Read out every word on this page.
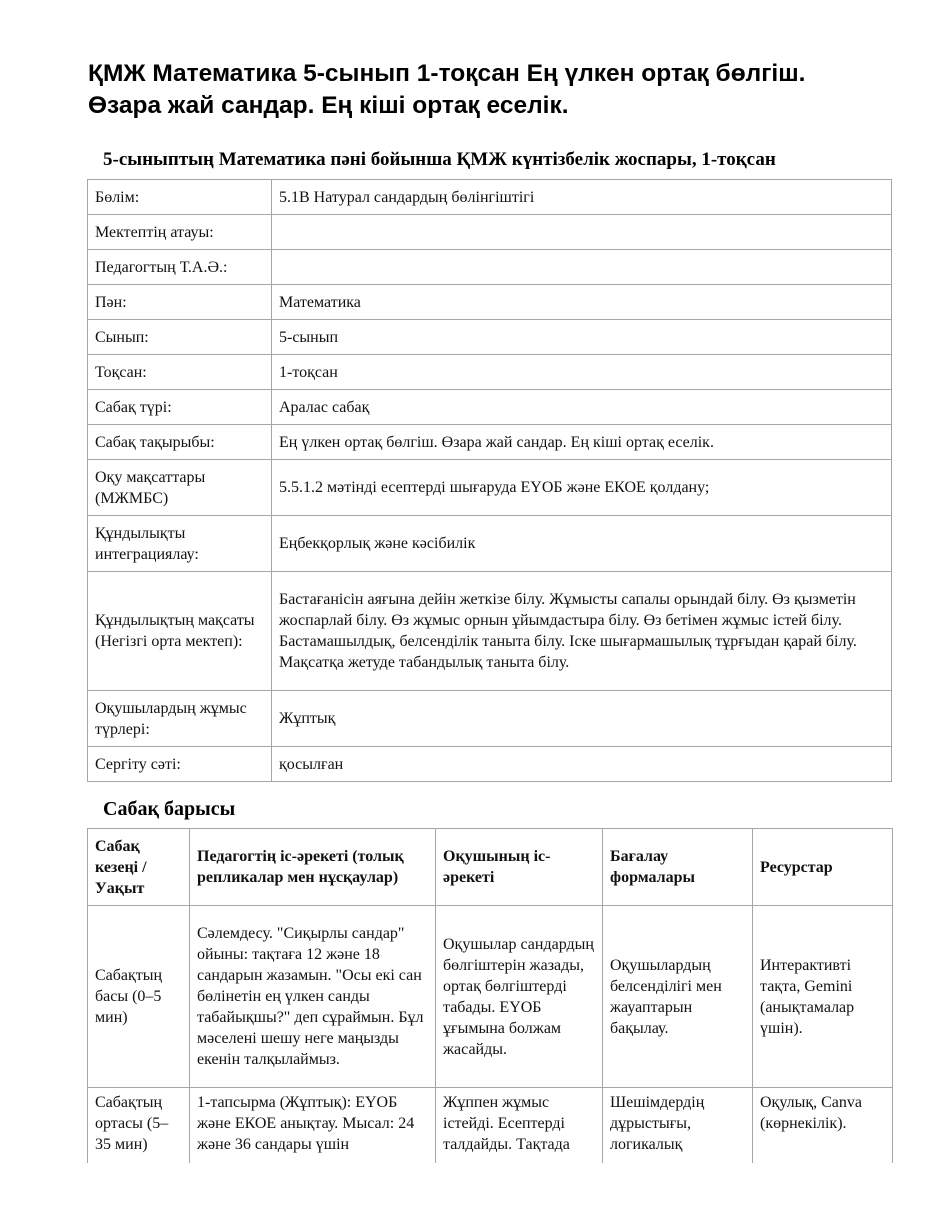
ҚМЖ Математика 5-сынып 1-тоқсан Ең үлкен ортақ бөлгіш. Өзара жай сандар. Ең кіші ортақ еселік.
5-сыныптың Математика пәні бойынша ҚМЖ күнтізбелік жоспары, 1-тоқсан
Бөлім:	5.1В Натурал сандардың бөлінгіштігі
Мектептің атауы:	
Педагогтың Т.А.Ә.:	
Пән:	Математика
Сынып:	5-сынып
Тоқсан:	1-тоқсан
Сабақ түрі:	Аралас сабақ
Сабақ тақырыбы:	Ең үлкен ортақ бөлгіш. Өзара жай сандар. Ең кіші ортақ еселік.
Оқу мақсаттары (МЖМБС)	5.5.1.2 мәтінді есептерді шығаруда ЕҮОБ және ЕКОЕ қолдану;
Құндылықты интеграциялау:	Еңбекқорлық және кәсібилік
Құндылықтың мақсаты (Негізгі орта мектеп):	Бастағанісін аяғына дейін жеткізе білу. Жұмысты сапалы орындай білу. Өз қызметін жоспарлай білу. Өз жұмыс орнын ұйымдастыра білу. Өз бетімен жұмыс істей білу. Бастамашылдық, белсенділік таныта білу. Іске шығармашылық тұрғыдан қарай білу. Мақсатқа жетуде табандылық таныта білу.
Оқушылардың жұмыс түрлері:	Жұптық
Сергіту сәті:	қосылған
Сабақ барысы
Сабақ кезеңі / Уақыт	Педагогтің іс-әрекеті (толық репликалар мен нұсқаулар)	Оқушының іс-әрекеті	Бағалау формалары	Ресурстар
Сабақтың басы (0–5 мин)	Сәлемдесу. "Сиқырлы сандар" ойыны: тақтаға 12 және 18 сандарын жазамын. "Осы екі сан бөлінетін ең үлкен санды табайықшы?" деп сұраймын. Бұл мәселені шешу неге маңызды екенін талқылаймыз.	Оқушылар сандардың бөлгіштерін жазады, ортақ бөлгіштерді табады. ЕҮОБ ұғымына болжам жасайды.	Оқушылардың белсенділігі мен жауаптарын бақылау.	Интерактивті тақта, Gemini (анықтамалар үшін).
Сабақтың ортасы (5–35 мин)	1-тапсырма (Жұптық): ЕҮОБ және ЕКОЕ анықтау. Мысал: 24 және 36 сандары үшін	Жұппен жұмыс істейді. Есептерді талдайды. Тақтада	Шешімдердің дұрыстығы, логикалық	Оқулық, Canva (көрнекілік).
